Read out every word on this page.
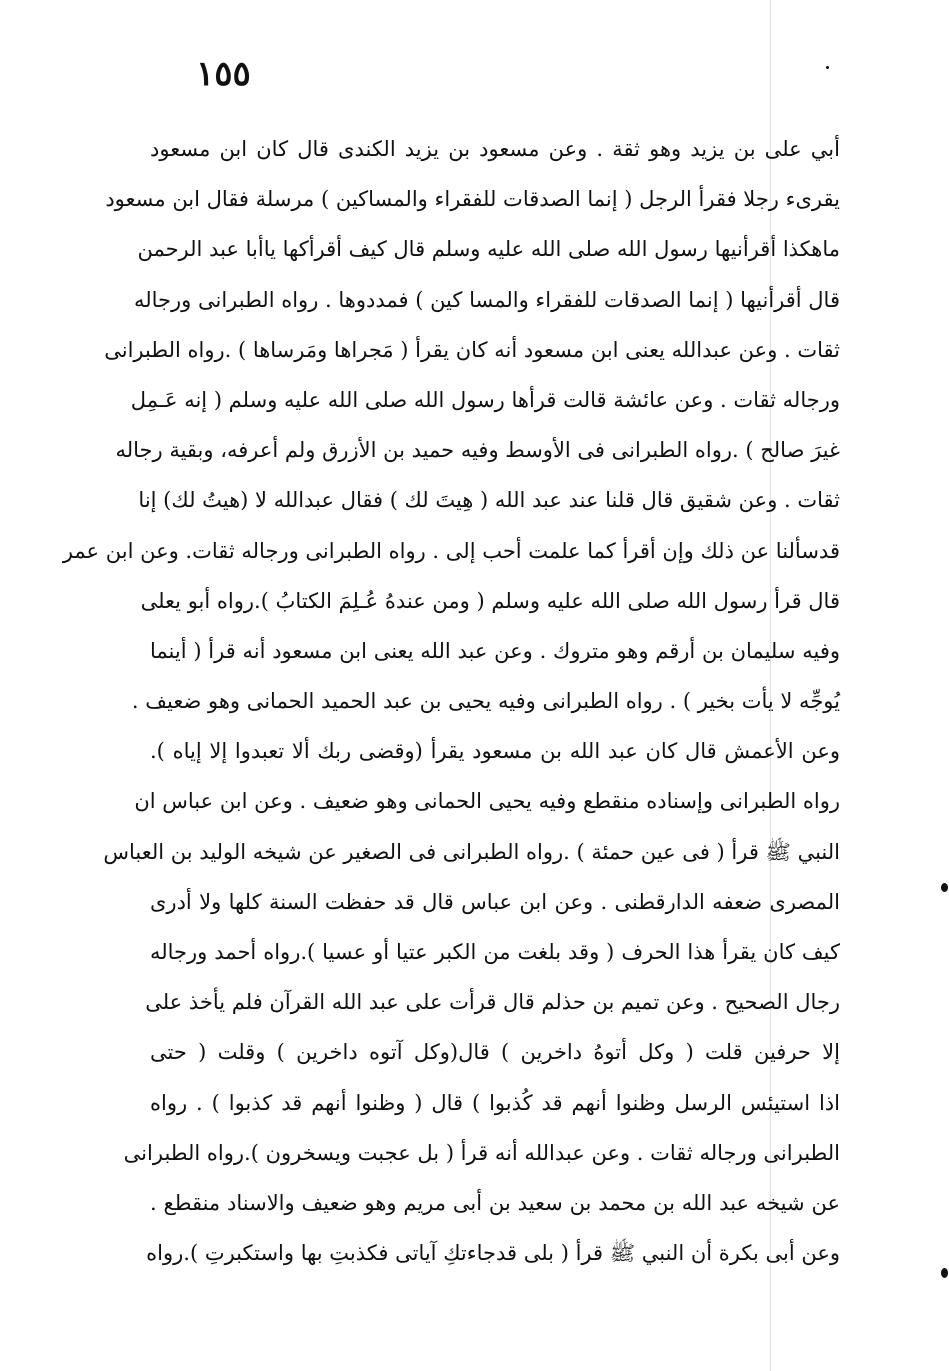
١٥٥
أبي على بن يزيد وهو ثقة . وعن مسعود بن يزيد الكندى قال كان ابن مسعود
يقرىء رجلا فقرأ الرجل ( إنما الصدقات للفقراء والمساكين ) مرسلة فقال ابن مسعود
ماهكذا أقرأنيها رسول الله صلى الله عليه وسلم قال كيف أقرأكها ياأبا عبد الرحمن
قال أقرأنيها ( إنما الصدقات للفقراء والمسا كين ) فمددوها . رواه الطبرانى ورجاله
ثقات . وعن عبدالله يعنى ابن مسعود أنه كان يقرأ ( مَجراها ومَرساها ) .رواه الطبرانى
ورجاله ثقات . وعن عائشة قالت قرأها رسول الله صلى الله عليه وسلم ( إنه عَـمِل
غيرَ صالح ) .رواه الطبرانى فى الأوسط وفيه حميد بن الأزرق ولم أعرفه، وبقية رجاله
ثقات . وعن شقيق قال قلنا عند عبد الله ( هِيتَ لك ) فقال عبدالله لا (هيتُ لك) إنا
قدسألنا عن ذلك وإن أقرأ كما علمت أحب إلى . رواه الطبرانى ورجاله ثقات. وعن ابن عمر
قال قرأ رسول الله صلى الله عليه وسلم ( ومن عندهُ عُـلِمَ الكتابُ ).رواه أبو يعلى
وفيه سليمان بن أرقم وهو متروك . وعن عبد الله يعنى ابن مسعود أنه قرأ ( أينما
يُوجِّه لا يأت بخير ) . رواه الطبرانى وفيه يحيى بن عبد الحميد الحمانى وهو ضعيف .
وعن الأعمش قال كان عبد الله بن مسعود يقرأ (وقضى ربك ألا تعبدوا إلا إياه ).
رواه الطبرانى وإسناده منقطع وفيه يحيى الحمانى وهو ضعيف . وعن ابن عباس ان
النبي ﷺ قرأ ( فى عين حمئة ) .رواه الطبرانى فى الصغير عن شيخه الوليد بن العباس
المصرى ضعفه الدارقطنى . وعن ابن عباس قال قد حفظت السنة كلها ولا أدرى
كيف كان يقرأ هذا الحرف ( وقد بلغت من الكبر عتيا أو عسيا ).رواه أحمد ورجاله
رجال الصحيح . وعن تميم بن حذلم قال قرأت على عبد الله القرآن فلم يأخذ على
إلا حرفين قلت ( وكل أتوهُ داخرين ) قال(وكل آتوه داخرين ) وقلت ( حتى
اذا استيئس الرسل وظنوا أنهم قد كُذبوا ) قال ( وظنوا أنهم قد كذبوا ) . رواه
الطبرانى ورجاله ثقات . وعن عبدالله أنه قرأ ( بل عجبت ويسخرون ).رواه الطبرانى
عن شيخه عبد الله بن محمد بن سعيد بن أبى مريم وهو ضعيف والاسناد منقطع .
وعن أبى بكرة أن النبي ﷺ قرأ ( بلى قدجاءتكِ آياتى فكذبتِ بها واستكبرتِ ).رواه
